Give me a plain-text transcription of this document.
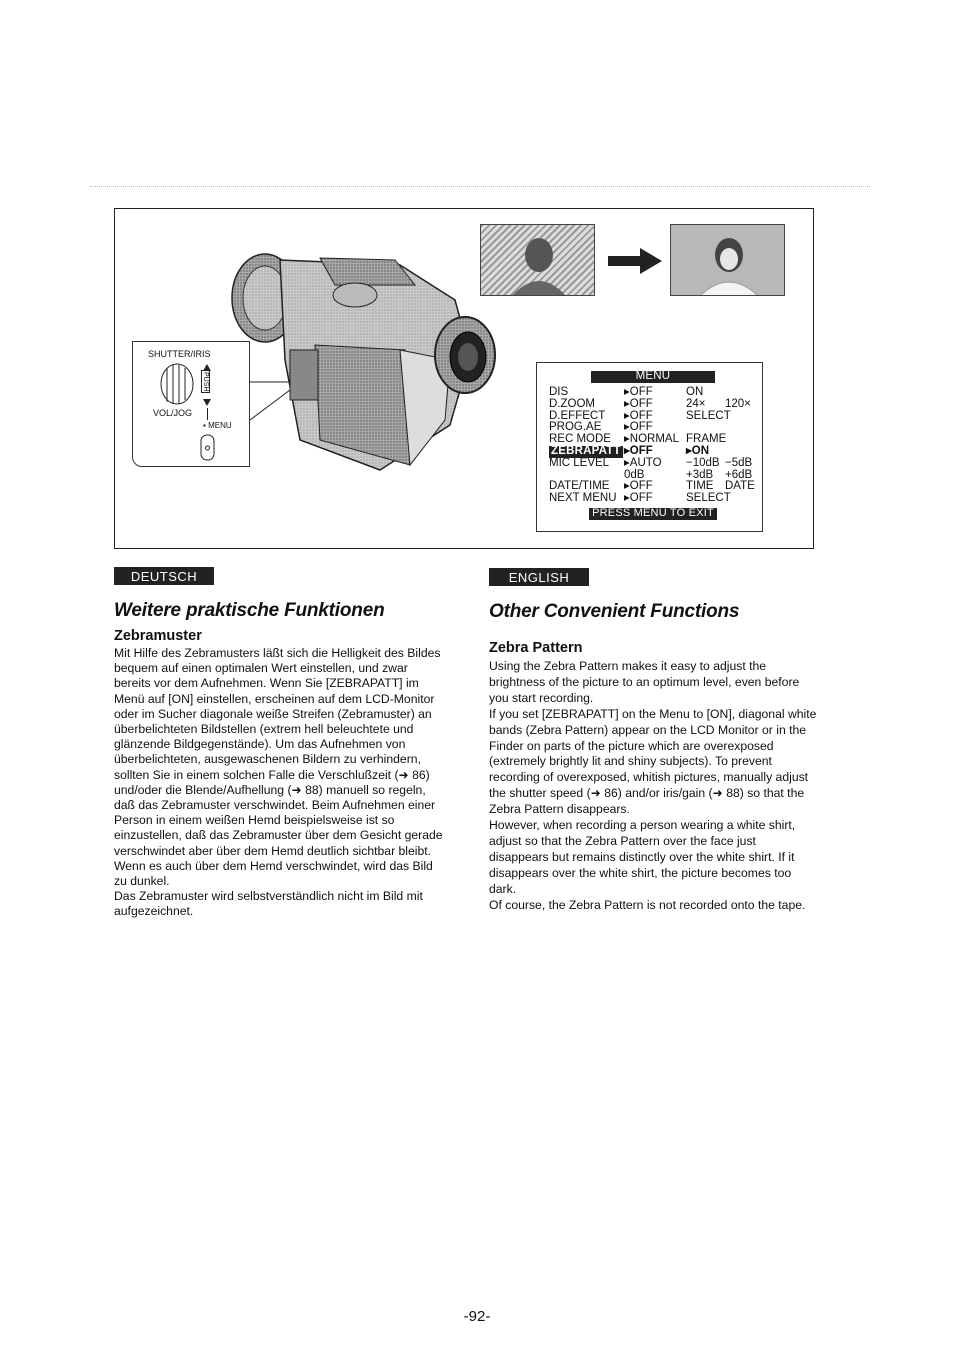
SHUTTER/IRIS
PUSH
VOL/JOG
▪ MENU
MENU
DIS	▸OFF	ON
D.ZOOM	▸OFF	24× 120×
D.EFFECT ▸OFF	SELECT
PROG.AE ▸OFF
REC MODE ▸NORMAL FRAME
ZEBRAPATT ▸OFF	▸ON
MIC LEVEL ▸AUTO −10dB −5dB
0dB	+3dB +6dB
DATE/TIME ▸OFF	TIME DATE
NEXT MENU ▸OFF	SELECT
PRESS MENU TO EXIT
DEUTSCH
Weitere praktische Funktionen
Zebramuster

Mit Hilfe des Zebramusters läßt sich die Helligkeit des Bildes bequem auf einen optimalen Wert einstellen, und zwar bereits vor dem Aufnehmen. Wenn Sie [ZEBRAPATT] im Menü auf [ON] einstellen, erscheinen auf dem LCD-Monitor oder im Sucher diagonale weiße Streifen (Zebramuster) an überbelichteten Bildstellen (extrem hell beleuchtete und glänzende Bildgegenstände). Um das Aufnehmen von überbelichteten, ausgewaschenen Bildern zu verhindern, sollten Sie in einem solchen Falle die Verschlußzeit (➜ 86) und/oder die Blende/Aufhellung (➜ 88) manuell so regeln, daß das Zebramuster verschwindet. Beim Aufnehmen einer Person in einem weißen Hemd beispielsweise ist so einzustellen, daß das Zebramuster über dem Gesicht gerade verschwindet aber über dem Hemd deutlich sichtbar bleibt. Wenn es auch über dem Hemd verschwindet, wird das Bild zu dunkel.

Das Zebramuster wird selbstverständlich nicht im Bild mit aufgezeichnet.

ENGLISH
Other Convenient Functions
Zebra Pattern

Using the Zebra Pattern makes it easy to adjust the brightness of the picture to an optimum level, even before you start recording.

If you set [ZEBRAPATT] on the Menu to [ON], diagonal white bands (Zebra Pattern) appear on the LCD Monitor or in the Finder on parts of the picture which are overexposed (extremely brightly lit and shiny subjects). To prevent recording of overexposed, whitish pictures, manually adjust the shutter speed (➜ 86) and/or iris/gain (➜ 88) so that the Zebra Pattern disappears.

However, when recording a person wearing a white shirt, adjust so that the Zebra Pattern over the face just disappears but remains distinctly over the white shirt. If it disappears over the white shirt, the picture becomes too dark.

Of course, the Zebra Pattern is not recorded onto the tape.

-92-
